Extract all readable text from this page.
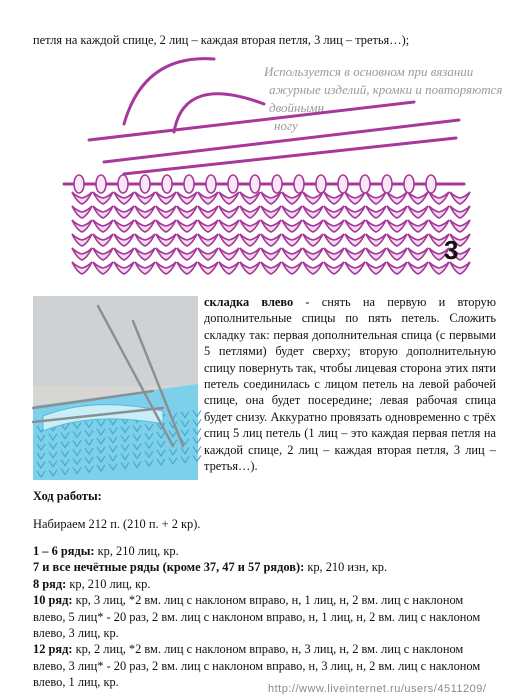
петля на каждой спице, 2 лиц – каждая вторая петля, 3 лиц – третья…);
Используется в основном при вязании
ажурные изделий, кромки и повторяются
двойнымн
ногу
3
складка влево - снять на первую и вторую дополнительные спицы по пять петель. Сложить складку так: первая дополнительная спица (с первыми 5 петлями) будет сверху; вторую дополнительную спицу повернуть так, чтобы лицевая сторона этих пяти петель соединилась с лицом петель на левой рабочей спице, она будет посередине; левая рабочая спица будет снизу. Аккуратно провязать одновременно с трёх спиц 5 лиц петель (1 лиц – это каждая первая петля на каждой спице, 2 лиц – каждая вторая петля, 3 лиц – третья…).
Ход работы:
Набираем 212 п. (210 п. + 2 кр).

1 – 6 ряды: кр, 210 лиц, кр.

7 и все нечётные ряды (кроме 37, 47 и 57 рядов): кр, 210 изн, кр.

8 ряд: кр, 210 лиц, кр.

10 ряд: кр, 3 лиц, *2 вм. лиц с наклоном вправо, н, 1 лиц, н, 2 вм. лиц с наклоном влево, 5 лиц* - 20 раз, 2 вм. лиц с наклоном вправо, н, 1 лиц, н, 2 вм. лиц с наклоном влево, 3 лиц, кр.

12 ряд: кр, 2 лиц, *2 вм. лиц с наклоном вправо, н, 3 лиц, н, 2 вм. лиц с наклоном влево, 3 лиц* - 20 раз, 2 вм. лиц с наклоном вправо, н, 3 лиц, н, 2 вм. лиц с наклоном влево, 1 лиц, кр.	http://www.liveinternet.ru/users/4511209/
